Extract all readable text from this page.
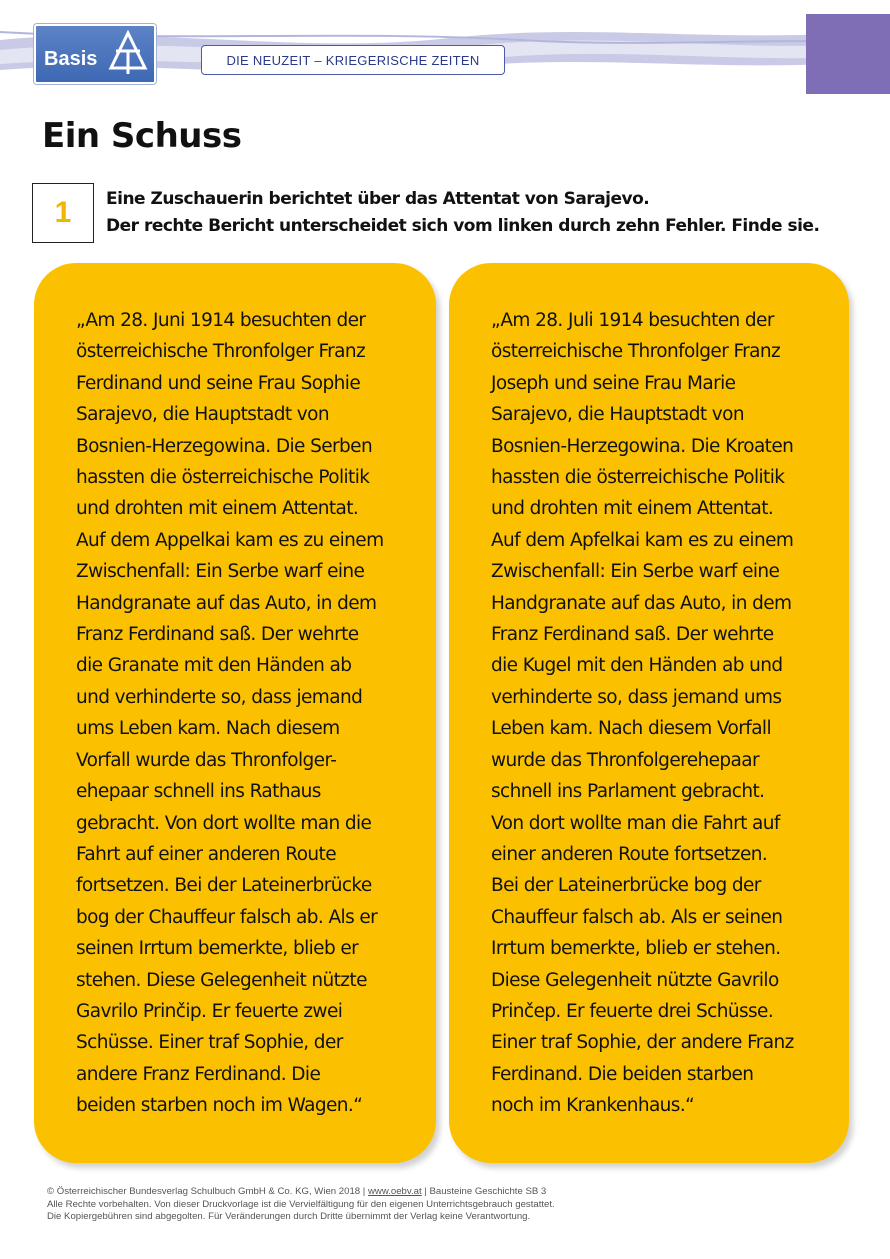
Basis	DIE NEUZEIT – KRIEGERISCHE ZEITEN
Ein Schuss
1	Eine Zuschauerin berichtet über das Attentat von Sarajevo.
Der rechte Bericht unterscheidet sich vom linken durch zehn Fehler. Finde sie.
„Am 28. Juni 1914 besuchten der
österreichische Thronfolger Franz
Ferdinand und seine Frau Sophie
Sarajevo, die Hauptstadt von
Bosnien-Herzegowina. Die Serben
hassten die österreichische Politik
und drohten mit einem Attentat.
Auf dem Appelkai kam es zu einem
Zwischenfall: Ein Serbe warf eine
Handgranate auf das Auto, in dem
Franz Ferdinand saß. Der wehrte
die Granate mit den Händen ab
und verhinderte so, dass jemand
ums Leben kam. Nach diesem
Vorfall wurde das Thronfolger-
ehepaar schnell ins Rathaus
gebracht. Von dort wollte man die
Fahrt auf einer anderen Route
fortsetzen. Bei der Lateinerbrücke
bog der Chauffeur falsch ab. Als er
seinen Irrtum bemerkte, blieb er
stehen. Diese Gelegenheit nützte
Gavrilo Prinčip. Er feuerte zwei
Schüsse. Einer traf Sophie, der
andere Franz Ferdinand. Die
beiden starben noch im Wagen.“
„Am 28. Juli 1914 besuchten der
österreichische Thronfolger Franz
Joseph und seine Frau Marie
Sarajevo, die Hauptstadt von
Bosnien-Herzegowina. Die Kroaten
hassten die österreichische Politik
und drohten mit einem Attentat.
Auf dem Apfelkai kam es zu einem
Zwischenfall: Ein Serbe warf eine
Handgranate auf das Auto, in dem
Franz Ferdinand saß. Der wehrte
die Kugel mit den Händen ab und
verhinderte so, dass jemand ums
Leben kam. Nach diesem Vorfall
wurde das Thronfolgerehepaar
schnell ins Parlament gebracht.
Von dort wollte man die Fahrt auf
einer anderen Route fortsetzen.
Bei der Lateinerbrücke bog der
Chauffeur falsch ab. Als er seinen
Irrtum bemerkte, blieb er stehen.
Diese Gelegenheit nützte Gavrilo
Prinčep. Er feuerte drei Schüsse.
Einer traf Sophie, der andere Franz
Ferdinand. Die beiden starben
noch im Krankenhaus.“
© Österreichischer Bundesverlag Schulbuch GmbH & Co. KG, Wien 2018 | www.oebv.at | Bausteine Geschichte SB 3
Alle Rechte vorbehalten. Von dieser Druckvorlage ist die Vervielfältigung für den eigenen Unterrichtsgebrauch gestattet.
Die Kopiergebühren sind abgegolten. Für Veränderungen durch Dritte übernimmt der Verlag keine Verantwortung.
